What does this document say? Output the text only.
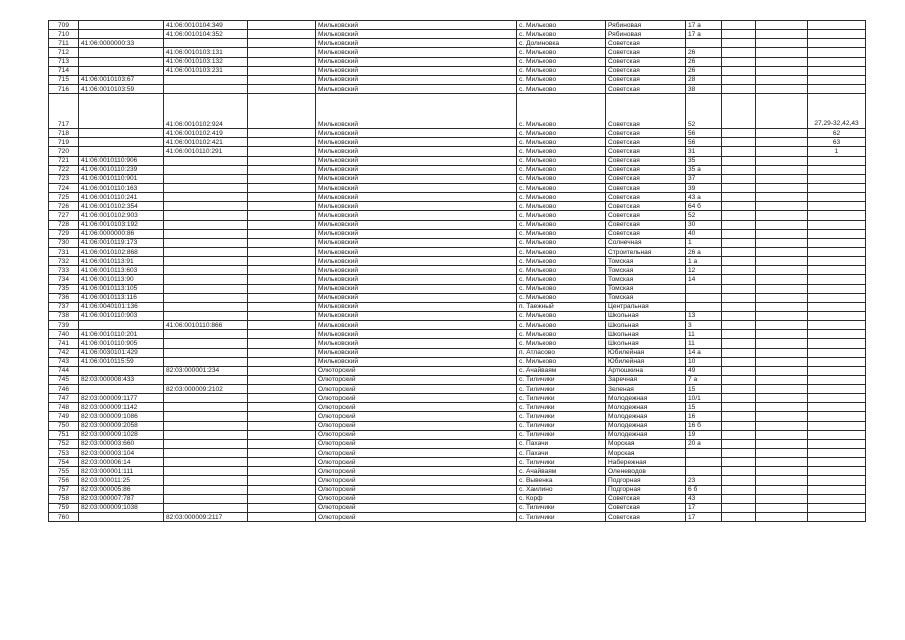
709		41:06:0010104:349		Мильковский	с. Мильково	Рябиновая	17 а			
710		41:06:0010104:352		Мильковский	с. Мильково	Рябиновая	17 а			
711	41:06:0000000:33			Мильковский	с. Долиновка	Советская				
712		41:06:0010103:131		Мильковский	с. Мильково	Советская	26			
713		41:06:0010103:132		Мильковский	с. Мильково	Советская	26			
714		41:06:0010103:231		Мильковский	с. Мильково	Советская	26			
715	41:06:0010103:67			Мильковский	с. Мильково	Советская	28			
716	41:06:0010103:59			Мильковский	с. Мильково	Советская	38			
717		41:06:0010102:924		Мильковский	с. Мильково	Советская	52			27,29-32,42,43
718		41:06:0010102:419		Мильковский	с. Мильково	Советская	56			62
719		41:06:0010102:421		Мильковский	с. Мильково	Советская	56			63
720		41:06:0010110:291		Мильковский	с. Мильково	Советская	31			1
721	41:06:0010110:906			Мильковский	с. Мильково	Советская	35			
722	41:06:0010110:239			Мильковский	с. Мильково	Советская	35 а			
723	41:06:0010110:901			Мильковский	с. Мильково	Советская	37			
724	41:06:0010110:163			Мильковский	с. Мильково	Советская	39			
725	41:06:0010110:241			Мильковский	с. Мильково	Советская	43 а			
726	41:06:0010102:354			Мильковский	с. Мильково	Советская	64 б			
727	41:06:0010102:903			Мильковский	с. Мильково	Советская	52			
728	41:06:0010103:192			Мильковский	с. Мильково	Советская	30			
729	41:06:0000000:86			Мильковский	с. Мильково	Советская	40			
730	41:06:0010119:173			Мильковский	с. Мильково	Солнечная	1			
731	41:06:0010102:868			Мильковский	с. Мильково	Строительная	26 а			
732	41:06:0010113:91			Мильковский	с. Мильково	Томская	1 а			
733	41:06:0010113:603			Мильковский	с. Мильково	Томская	12			
734	41:06:0010113:90			Мильковский	с. Мильково	Томская	14			
735	41:06:0010113:105			Мильковский	с. Мильково	Томская				
736	41:06:0010113:116			Мильковский	с. Мильково	Томская				
737	41:06:0040101:136			Мильковский	п. Таежный	Центральная				
738	41:06:0010110:903			Мильковский	с. Мильково	Школьная	13			
739		41:06:0010110:866		Мильковский	с. Мильково	Школьная	3			
740	41:06:0010110:201			Мильковский	с. Мильково	Школьная	11			
741	41:06:0010110:905			Мильковский	с. Мильково	Школьная	11			
742	41:06:0030101:429			Мильковский	п. Атласово	Юбилейная	14 а			
743	41:06:0010115:59			Мильковский	с. Мильково	Юбилейная	10			
744		82:03:000001:234		Олюторский	с. Ачайваям	Артюшкина	49			
745	82:03:000008:433			Олюторский	с. Тиличики	Заречная	7 а			
746		82:03:000009:2102		Олюторский	с. Тиличики	Зеленая	15			
747	82:03:000009:1177			Олюторский	с. Тиличики	Молодежная	10/1			
748	82:03:000009:1142			Олюторский	с. Тиличики	Молодежная	15			
749	82:03:000009:1086			Олюторский	с. Тиличики	Молодежная	16			
750	82:03:000009:2058			Олюторский	с. Тиличики	Молодежная	16 б			
751	82:03:000009:1028			Олюторский	с. Тиличики	Молодежная	19			
752	82:03:000003:660			Олюторский	с. Пахачи	Морская	20 а			
753	82:03:000003:104			Олюторский	с. Пахачи	Морская				
754	82:03:000006:14			Олюторский	с. Тиличики	Набережная				
755	82:03:000001:111			Олюторский	с. Ачайваям	Оленеводов				
756	82:03:000011:25			Олюторский	с. Вывенка	Подгорная	23			
757	82:03:000005:86			Олюторский	с. Хаилино	Подгорная	6 б			
758	82:03:000007:787			Олюторский	с. Корф	Советская	43			
759	82:03:000009:1038			Олюторский	с. Тиличики	Советская	17			
760		82:03:000009:2117		Олюторский	с. Тиличики	Советская	17			
